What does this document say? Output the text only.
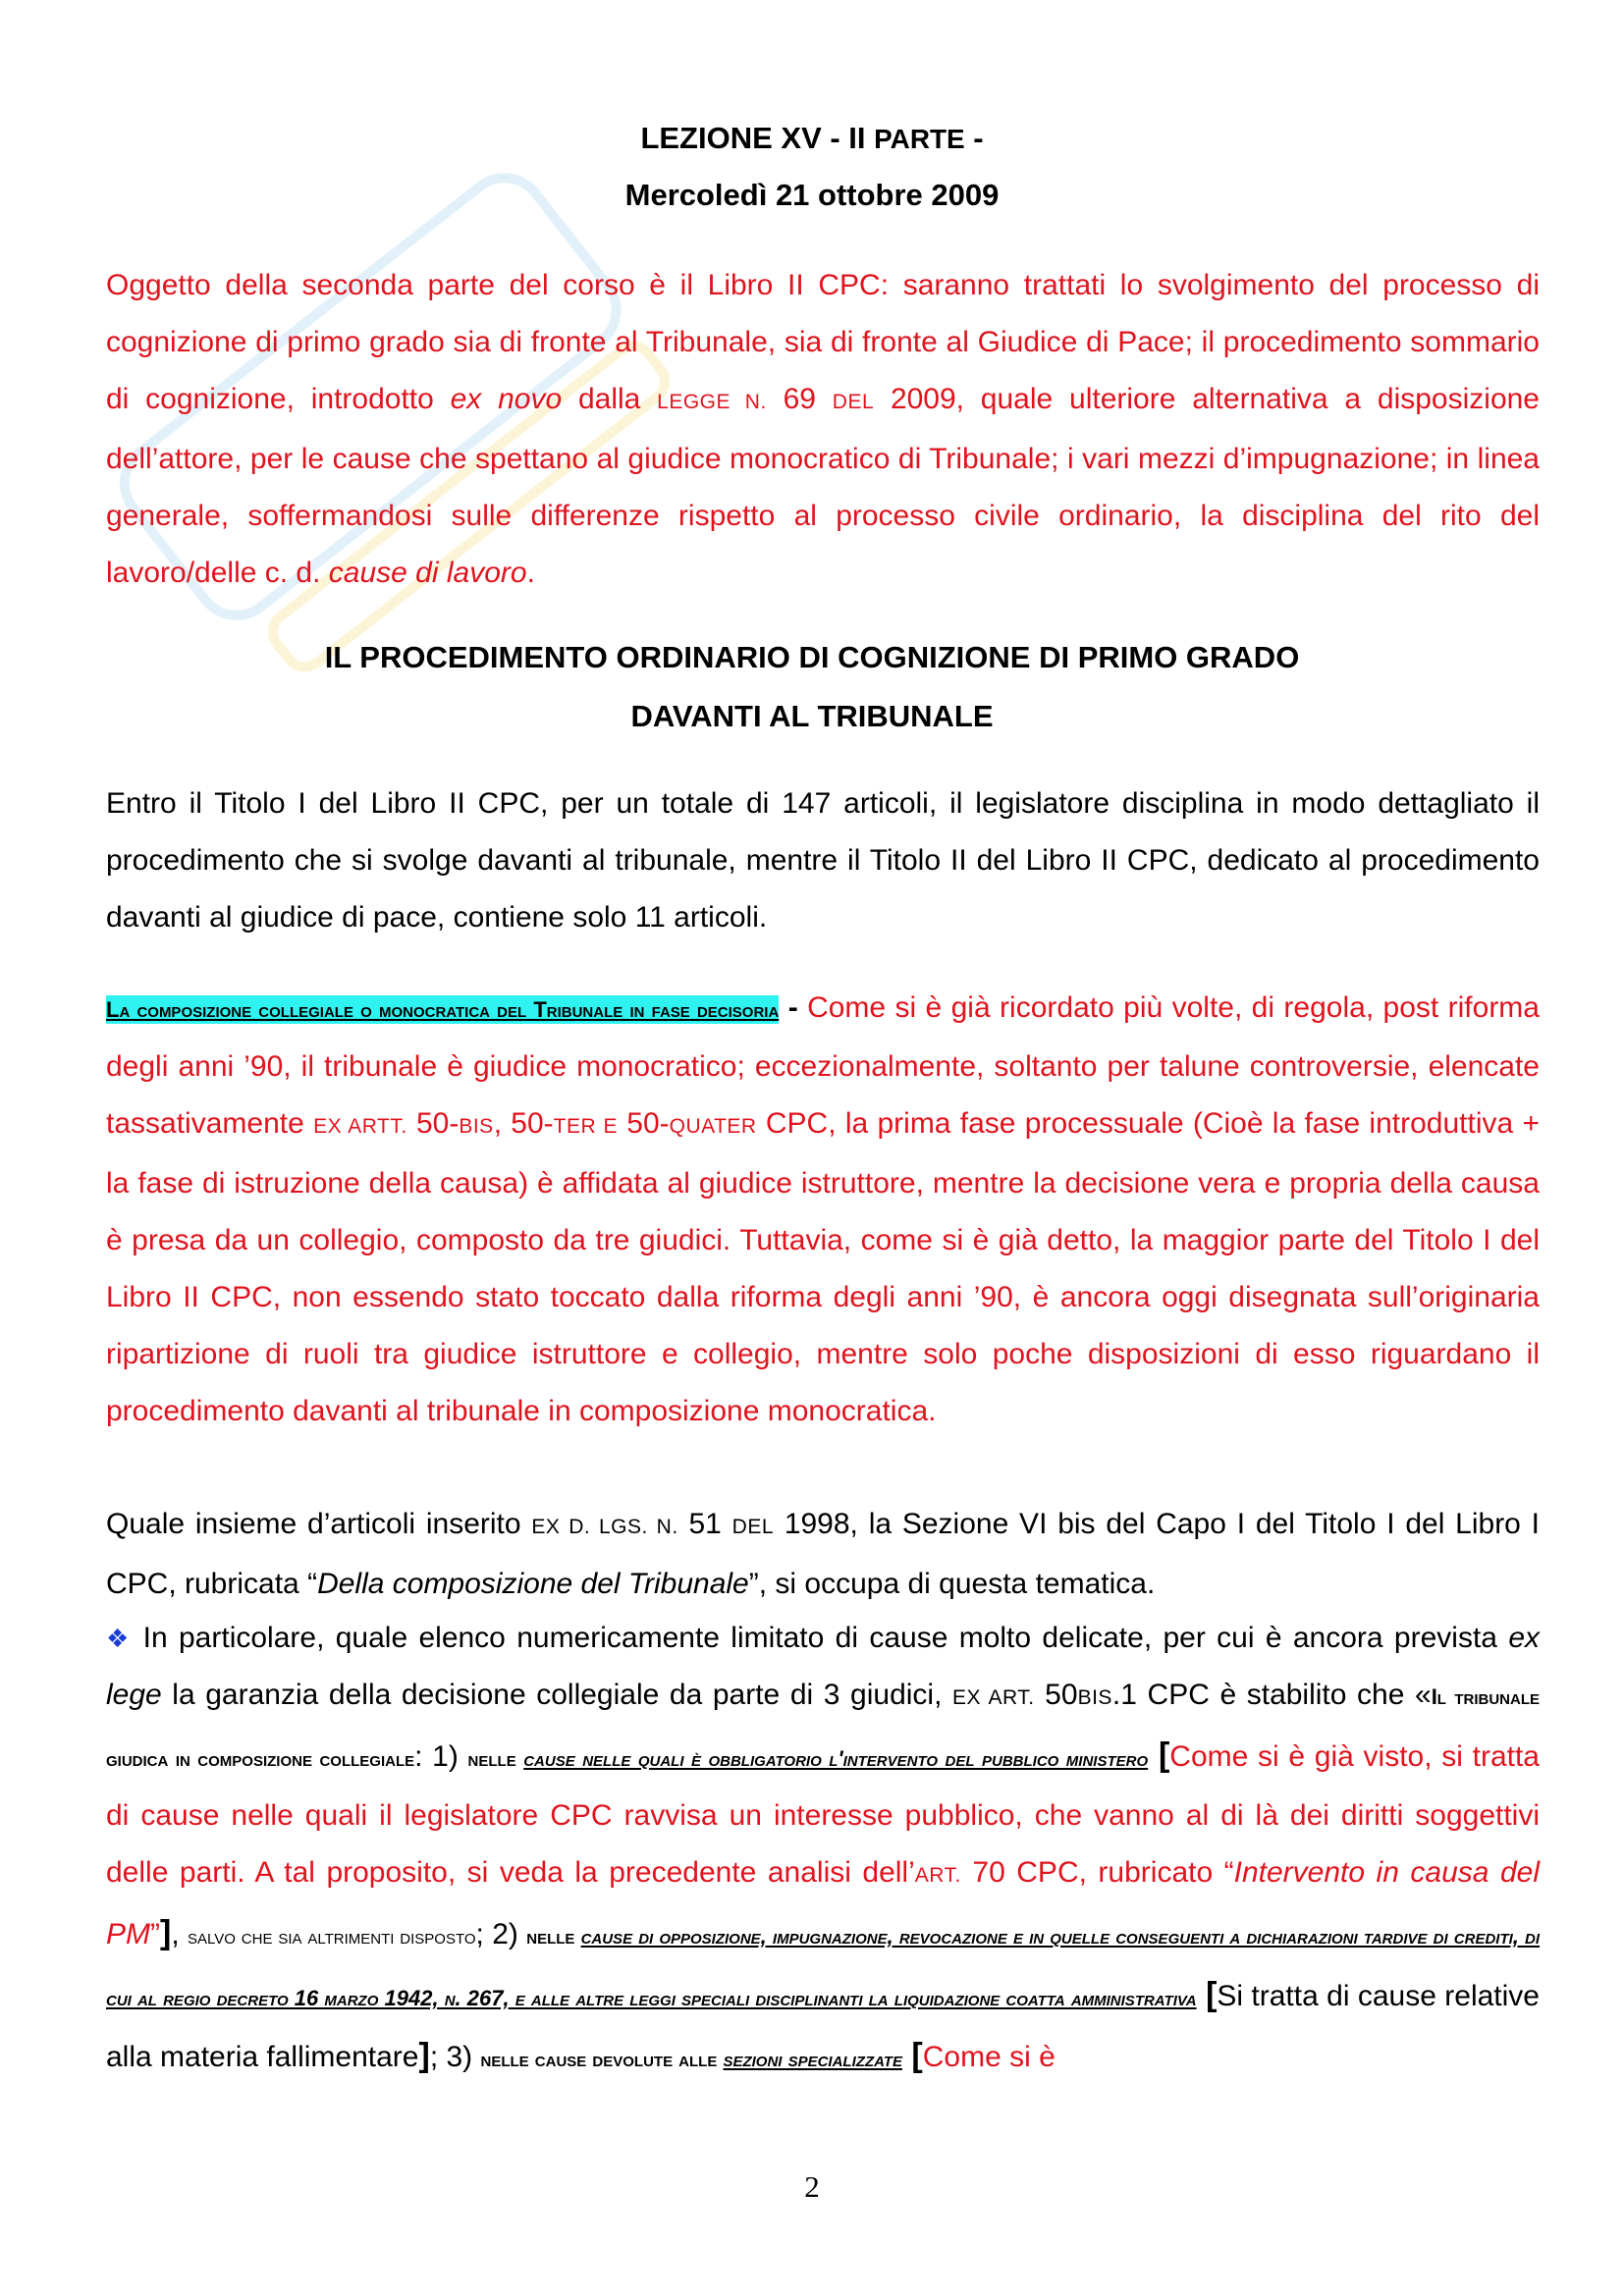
LEZIONE XV - II PARTE -
Mercoledì 21 ottobre 2009
Oggetto della seconda parte del corso è il Libro II CPC: saranno trattati lo svolgimento del processo di cognizione di primo grado sia di fronte al Tribunale, sia di fronte al Giudice di Pace; il procedimento sommario di cognizione, introdotto ex novo dalla LEGGE N. 69 DEL 2009, quale ulteriore alternativa a disposizione dell’attore, per le cause che spettano al giudice monocratico di Tribunale; i vari mezzi d’impugnazione; in linea generale, soffermandosi sulle differenze rispetto al processo civile ordinario, la disciplina del rito del lavoro/delle c. d. cause di lavoro.
IL PROCEDIMENTO ORDINARIO DI COGNIZIONE DI PRIMO GRADO
DAVANTI AL TRIBUNALE
Entro il Titolo I del Libro II CPC, per un totale di 147 articoli, il legislatore disciplina in modo dettagliato il procedimento che si svolge davanti al tribunale, mentre il Titolo II del Libro II CPC, dedicato al procedimento davanti al giudice di pace, contiene solo 11 articoli.
La composizione collegiale o monocratica del Tribunale in fase decisoria - Come si è già ricordato più volte, di regola, post riforma degli anni ’90, il tribunale è giudice monocratico; eccezionalmente, soltanto per talune controversie, elencate tassativamente EX ARTT. 50-BIS, 50-TER E 50-QUATER CPC, la prima fase processuale (Cioè la fase introduttiva + la fase di istruzione della causa) è affidata al giudice istruttore, mentre la decisione vera e propria della causa è presa da un collegio, composto da tre giudici. Tuttavia, come si è già detto, la maggior parte del Titolo I del Libro II CPC, non essendo stato toccato dalla riforma degli anni ’90, è ancora oggi disegnata sull’originaria ripartizione di ruoli tra giudice istruttore e collegio, mentre solo poche disposizioni di esso riguardano il procedimento davanti al tribunale in composizione monocratica.
Quale insieme d’articoli inserito EX D. LGS. N. 51 DEL 1998, la Sezione VI bis del Capo I del Titolo I del Libro I CPC, rubricata “Della composizione del Tribunale”, si occupa di questa tematica.
❖ In particolare, quale elenco numericamente limitato di cause molto delicate, per cui è ancora prevista ex lege la garanzia della decisione collegiale da parte di 3 giudici, EX ART. 50BIS.1 CPC è stabilito che «Il tribunale giudica in composizione collegiale: 1) nelle cause nelle quali è obbligatorio l'intervento del pubblico ministero [Come si è già visto, si tratta di cause nelle quali il legislatore CPC ravvisa un interesse pubblico, che vanno al di là dei diritti soggettivi delle parti. A tal proposito, si veda la precedente analisi dell’ART. 70 CPC, rubricato “Intervento in causa del PM”], salvo che sia altrimenti disposto; 2) nelle cause di opposizione, impugnazione, revocazione e in quelle conseguenti a dichiarazioni tardive di crediti, di cui al regio decreto 16 marzo 1942, n. 267, e alle altre leggi speciali disciplinanti la liquidazione coatta amministrativa [Si tratta di cause relative alla materia fallimentare]; 3) nelle cause devolute alle sezioni specializzate [Come si è
2
